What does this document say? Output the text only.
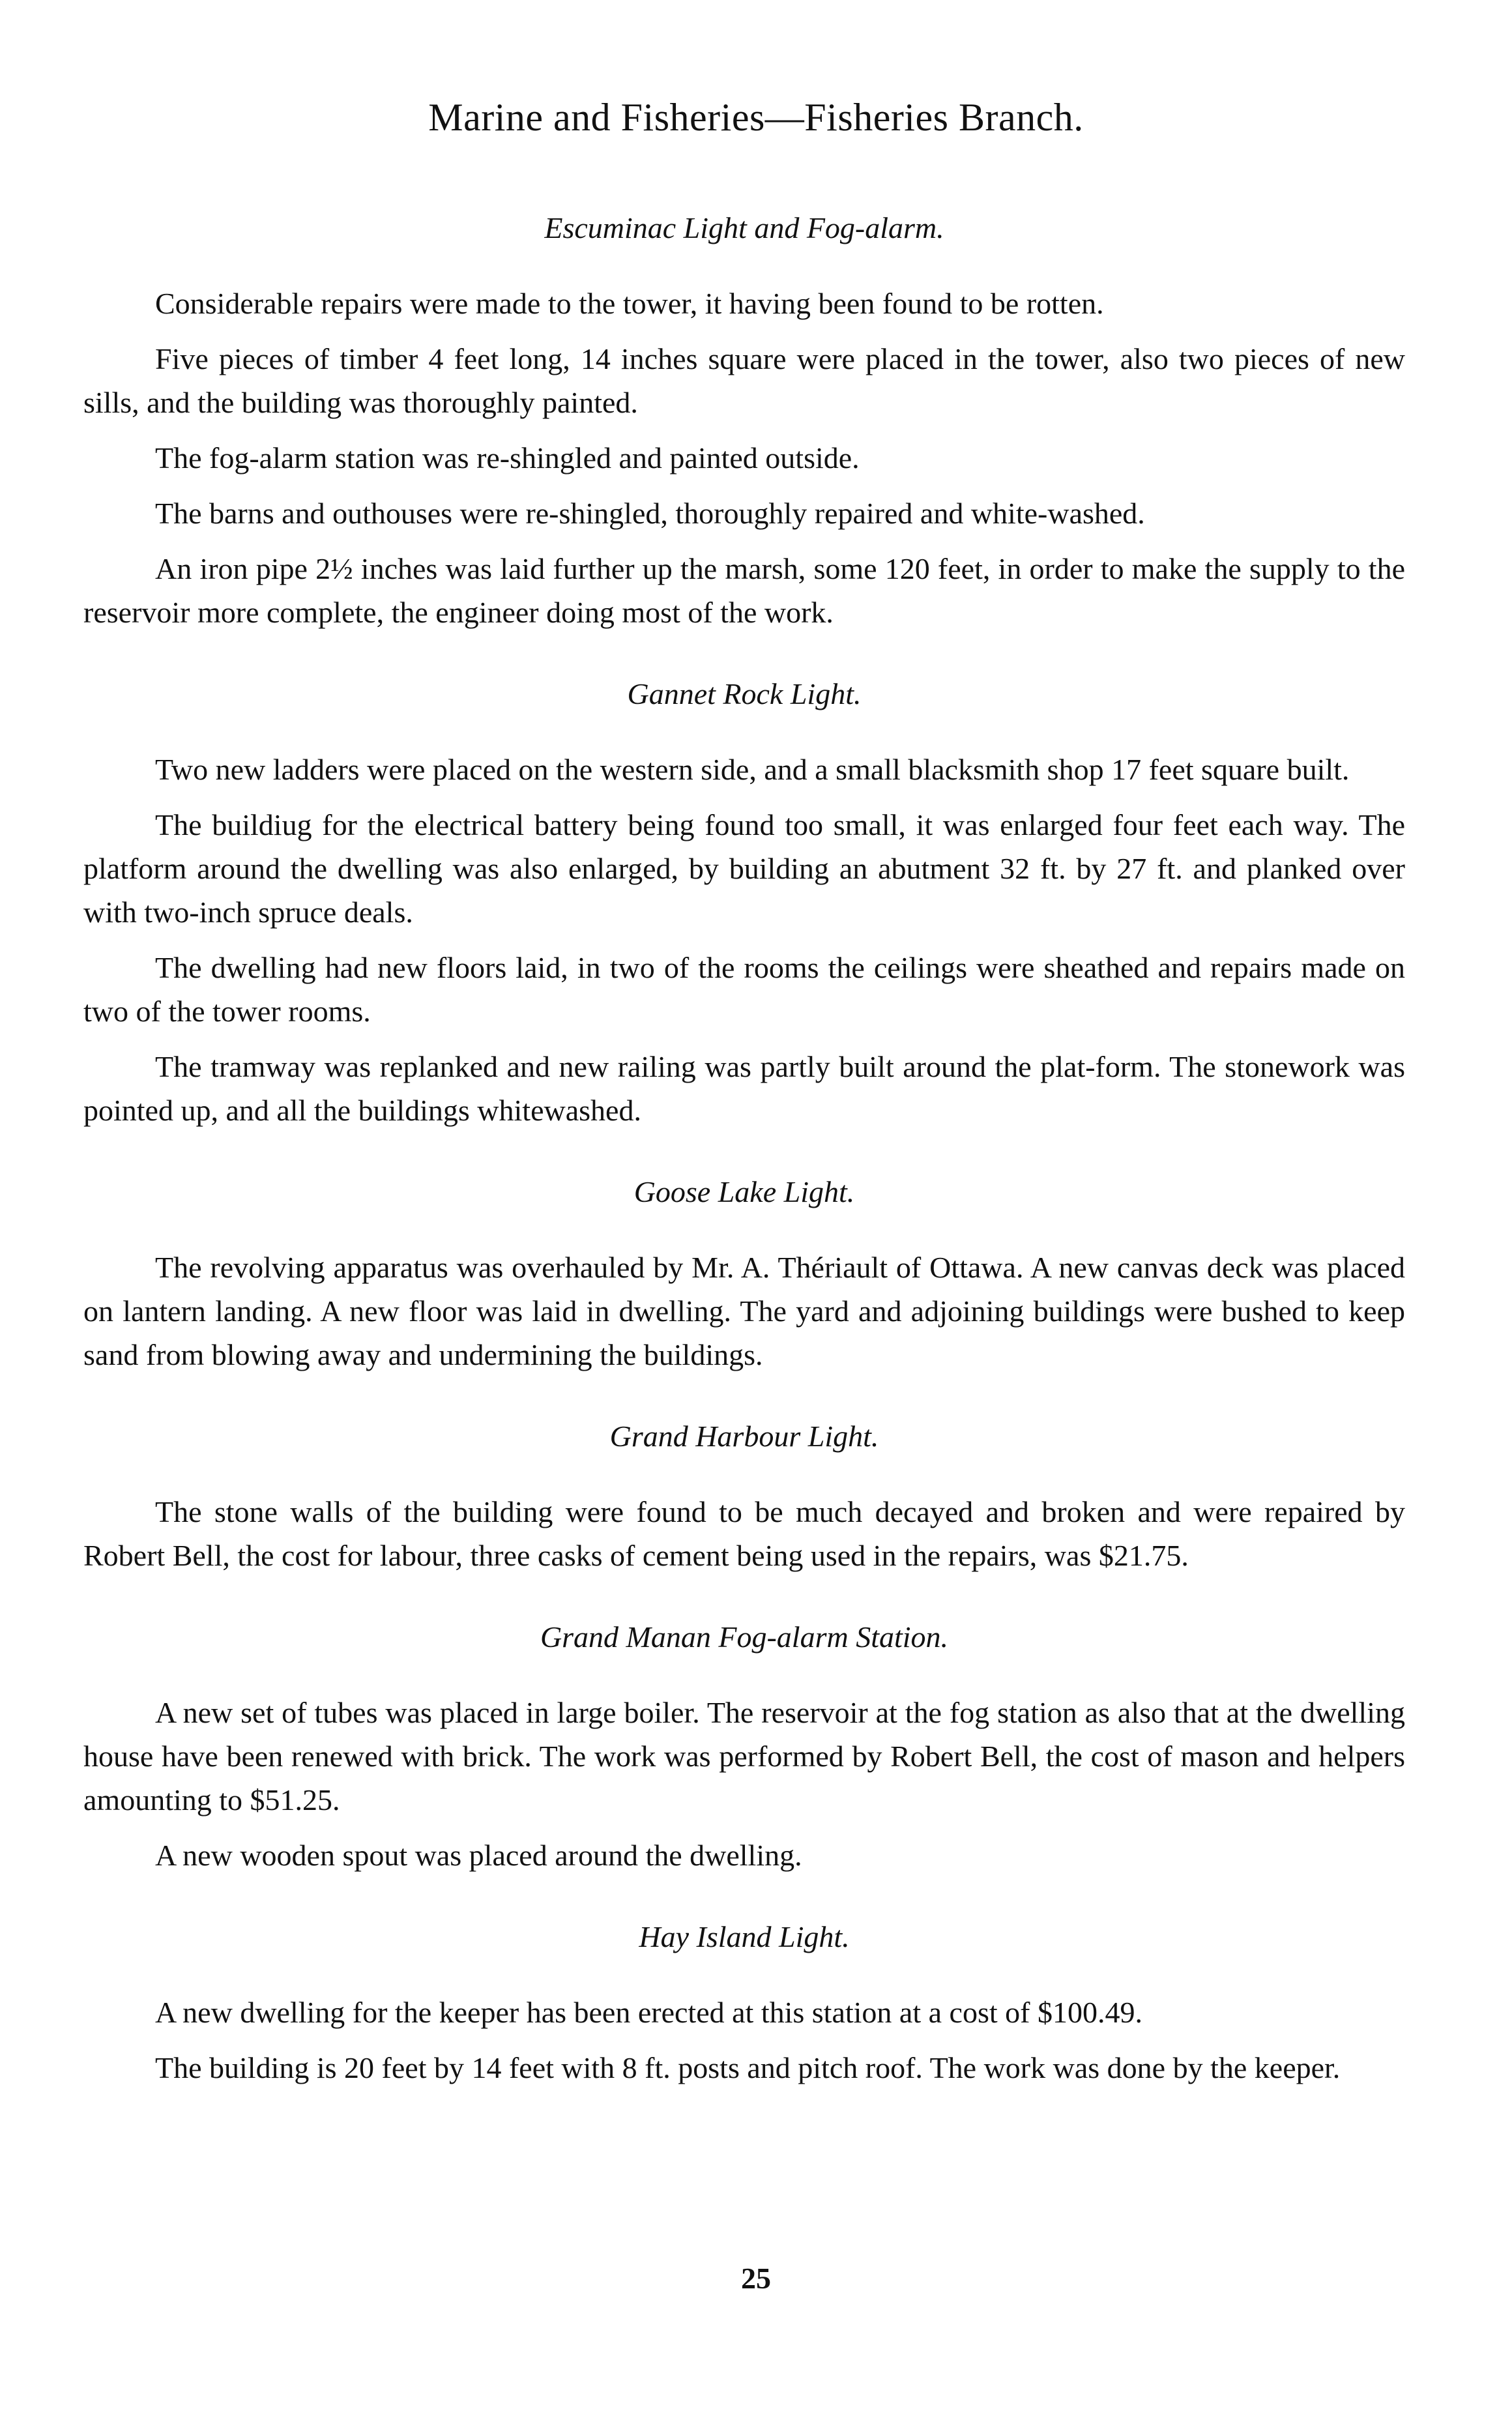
Marine and Fisheries—Fisheries Branch.
Escuminac Light and Fog-alarm.

Considerable repairs were made to the tower, it having been found to be rotten.

Five pieces of timber 4 feet long, 14 inches square were placed in the tower, also two pieces of new sills, and the building was thoroughly painted.

The fog-alarm station was re-shingled and painted outside.

The barns and outhouses were re-shingled, thoroughly repaired and white-washed.

An iron pipe 2½ inches was laid further up the marsh, some 120 feet, in order to make the supply to the reservoir more complete, the engineer doing most of the work.

Gannet Rock Light.

Two new ladders were placed on the western side, and a small blacksmith shop 17 feet square built.

The buildiug for the electrical battery being found too small, it was enlarged four feet each way. The platform around the dwelling was also enlarged, by building an abutment 32 ft. by 27 ft. and planked over with two-inch spruce deals.

The dwelling had new floors laid, in two of the rooms the ceilings were sheathed and repairs made on two of the tower rooms.

The tramway was replanked and new railing was partly built around the plat-form. The stonework was pointed up, and all the buildings whitewashed.

Goose Lake Light.

The revolving apparatus was overhauled by Mr. A. Thériault of Ottawa. A new canvas deck was placed on lantern landing. A new floor was laid in dwelling. The yard and adjoining buildings were bushed to keep sand from blowing away and undermining the buildings.

Grand Harbour Light.

The stone walls of the building were found to be much decayed and broken and were repaired by Robert Bell, the cost for labour, three casks of cement being used in the repairs, was $21.75.

Grand Manan Fog-alarm Station.

A new set of tubes was placed in large boiler. The reservoir at the fog station as also that at the dwelling house have been renewed with brick. The work was performed by Robert Bell, the cost of mason and helpers amounting to $51.25.

A new wooden spout was placed around the dwelling.

Hay Island Light.

A new dwelling for the keeper has been erected at this station at a cost of $100.49.

The building is 20 feet by 14 feet with 8 ft. posts and pitch roof. The work was done by the keeper.

25
